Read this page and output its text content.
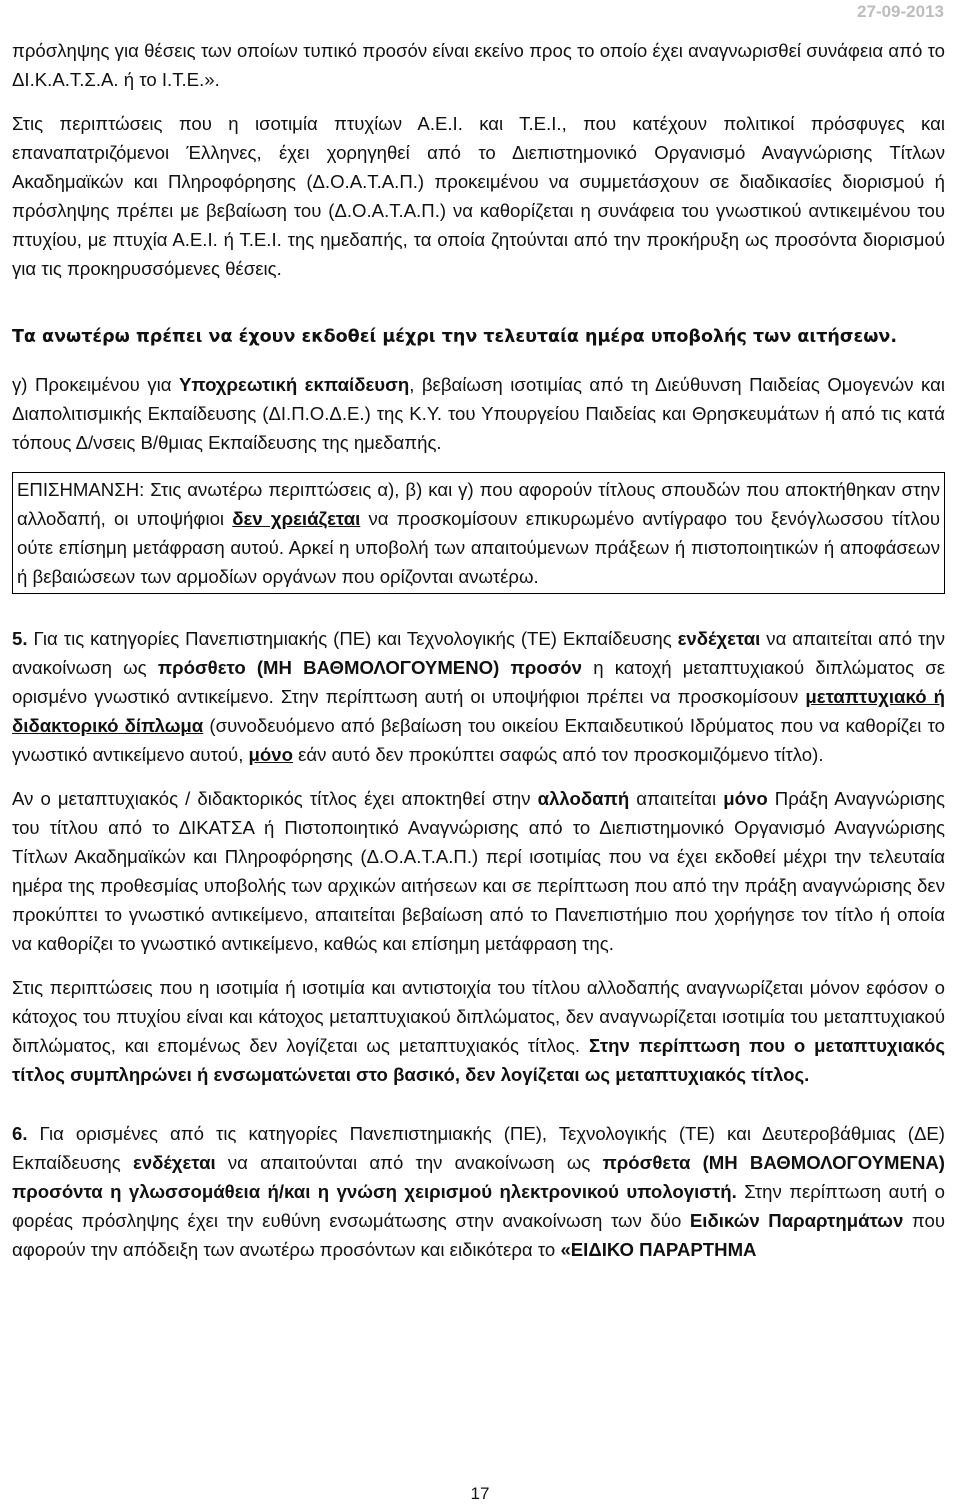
27-09-2013

πρόσληψης για θέσεις των οποίων τυπικό προσόν είναι εκείνο προς το οποίο έχει αναγνωρισθεί συνάφεια από το ΔΙ.Κ.Α.Τ.Σ.Α. ή το Ι.Τ.Ε.».

Στις περιπτώσεις που η ισοτιμία πτυχίων Α.Ε.Ι. και Τ.Ε.Ι., που κατέχουν πολιτικοί πρόσφυγες και επαναπατριζόμενοι Έλληνες, έχει χορηγηθεί από το Διεπιστημονικό Οργανισμό Αναγνώρισης Τίτλων Ακαδημαϊκών και Πληροφόρησης (Δ.Ο.Α.Τ.Α.Π.) προκειμένου να συμμετάσχουν σε διαδικασίες διορισμού ή πρόσληψης πρέπει με βεβαίωση του (Δ.Ο.Α.Τ.Α.Π.) να καθορίζεται η συνάφεια του γνωστικού αντικειμένου του πτυχίου, με πτυχία Α.Ε.Ι. ή Τ.Ε.Ι. της ημεδαπής, τα οποία ζητούνται από την προκήρυξη ως προσόντα διορισμού για τις προκηρυσσόμενες θέσεις.

Τα ανωτέρω πρέπει να έχουν εκδοθεί μέχρι την τελευταία ημέρα υποβολής των αιτήσεων.

γ) Προκειμένου για Υποχρεωτική εκπαίδευση, βεβαίωση ισοτιμίας από τη Διεύθυνση Παιδείας Ομογενών και Διαπολιτισμικής Εκπαίδευσης (ΔΙ.Π.Ο.Δ.Ε.) της Κ.Υ. του Υπουργείου Παιδείας και Θρησκευμάτων ή από τις κατά τόπους Δ/νσεις Β/θμιας Εκπαίδευσης της ημεδαπής.

ΕΠΙΣΗΜΑΝΣΗ: Στις ανωτέρω περιπτώσεις α), β) και γ) που αφορούν τίτλους σπουδών που αποκτήθηκαν στην αλλοδαπή, οι υποψήφιοι δεν χρειάζεται να προσκομίσουν επικυρωμένο αντίγραφο του ξενόγλωσσου τίτλου ούτε επίσημη μετάφραση αυτού. Αρκεί η υποβολή των απαιτούμενων πράξεων ή πιστοποιητικών ή αποφάσεων ή βεβαιώσεων των αρμοδίων οργάνων που ορίζονται ανωτέρω.

5. Για τις κατηγορίες Πανεπιστημιακής (ΠΕ) και Τεχνολογικής (ΤΕ) Εκπαίδευσης ενδέχεται να απαιτείται από την ανακοίνωση ως πρόσθετο (ΜΗ ΒΑΘΜΟΛΟΓΟΥΜΕΝΟ) προσόν η κατοχή μεταπτυχιακού διπλώματος σε ορισμένο γνωστικό αντικείμενο. Στην περίπτωση αυτή οι υποψήφιοι πρέπει να προσκομίσουν μεταπτυχιακό ή διδακτορικό δίπλωμα (συνοδευόμενο από βεβαίωση του οικείου Εκπαιδευτικού Ιδρύματος που να καθορίζει το γνωστικό αντικείμενο αυτού, μόνο εάν αυτό δεν προκύπτει σαφώς από τον προσκομιζόμενο τίτλο).

Αν ο μεταπτυχιακός / διδακτορικός τίτλος έχει αποκτηθεί στην αλλοδαπή απαιτείται μόνο Πράξη Αναγνώρισης του τίτλου από το ΔΙΚΑΤΣΑ ή Πιστοποιητικό Αναγνώρισης από το Διεπιστημονικό Οργανισμό Αναγνώρισης Τίτλων Ακαδημαϊκών και Πληροφόρησης (Δ.Ο.Α.Τ.Α.Π.) περί ισοτιμίας που να έχει εκδοθεί μέχρι την τελευταία ημέρα της προθεσμίας υποβολής των αρχικών αιτήσεων και σε περίπτωση που από την πράξη αναγνώρισης δεν προκύπτει το γνωστικό αντικείμενο, απαιτείται βεβαίωση από το Πανεπιστήμιο που χορήγησε τον τίτλο ή οποία να καθορίζει το γνωστικό αντικείμενο, καθώς και επίσημη μετάφραση της.

Στις περιπτώσεις που η ισοτιμία ή ισοτιμία και αντιστοιχία του τίτλου αλλοδαπής αναγνωρίζεται μόνον εφόσον ο κάτοχος του πτυχίου είναι και κάτοχος μεταπτυχιακού διπλώματος, δεν αναγνωρίζεται ισοτιμία του μεταπτυχιακού διπλώματος, και επομένως δεν λογίζεται ως μεταπτυχιακός τίτλος. Στην περίπτωση που ο μεταπτυχιακός τίτλος συμπληρώνει ή ενσωματώνεται στο βασικό, δεν λογίζεται ως μεταπτυχιακός τίτλος.

6. Για ορισμένες από τις κατηγορίες Πανεπιστημιακής (ΠΕ), Τεχνολογικής (ΤΕ) και Δευτεροβάθμιας (ΔΕ) Εκπαίδευσης ενδέχεται να απαιτούνται από την ανακοίνωση ως πρόσθετα (ΜΗ ΒΑΘΜΟΛΟΓΟΥΜΕΝΑ) προσόντα η γλωσσομάθεια ή/και η γνώση χειρισμού ηλεκτρονικού υπολογιστή. Στην περίπτωση αυτή ο φορέας πρόσληψης έχει την ευθύνη ενσωμάτωσης στην ανακοίνωση των δύο Ειδικών Παραρτημάτων που αφορούν την απόδειξη των ανωτέρω προσόντων και ειδικότερα το «ΕΙΔΙΚΟ ΠΑΡΑΡΤΗΜΑ

17
